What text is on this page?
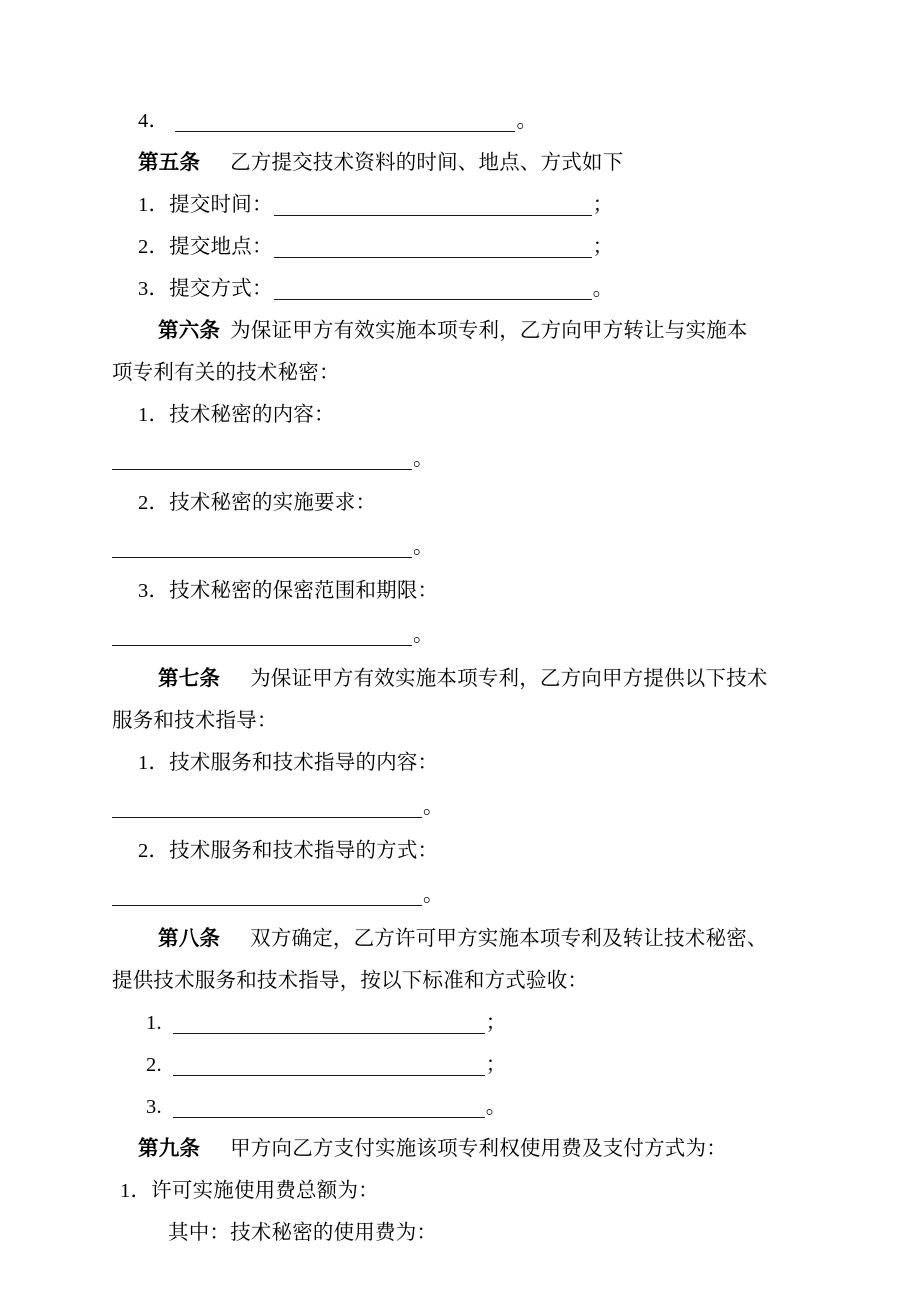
4．	。
第五条 乙方提交技术资料的时间、地点、方式如下
1．提交时间：	；
2．提交地点：	；
3．提交方式：	。
第六条 为保证甲方有效实施本项专利，乙方向甲方转让与实施本
项专利有关的技术秘密：
1．技术秘密的内容：
。
2．技术秘密的实施要求：
。
3．技术秘密的保密范围和期限：
。
第七条 为保证甲方有效实施本项专利，乙方向甲方提供以下技术
服务和技术指导：
1．技术服务和技术指导的内容：
。
2．技术服务和技术指导的方式：
。
第八条 双方确定，乙方许可甲方实施本项专利及转让技术秘密、
提供技术服务和技术指导，按以下标准和方式验收：
1.	；
2.	；
3.	。
第九条 甲方向乙方支付实施该项专利权使用费及支付方式为：
1．许可实施使用费总额为：
其中：技术秘密的使用费为：
